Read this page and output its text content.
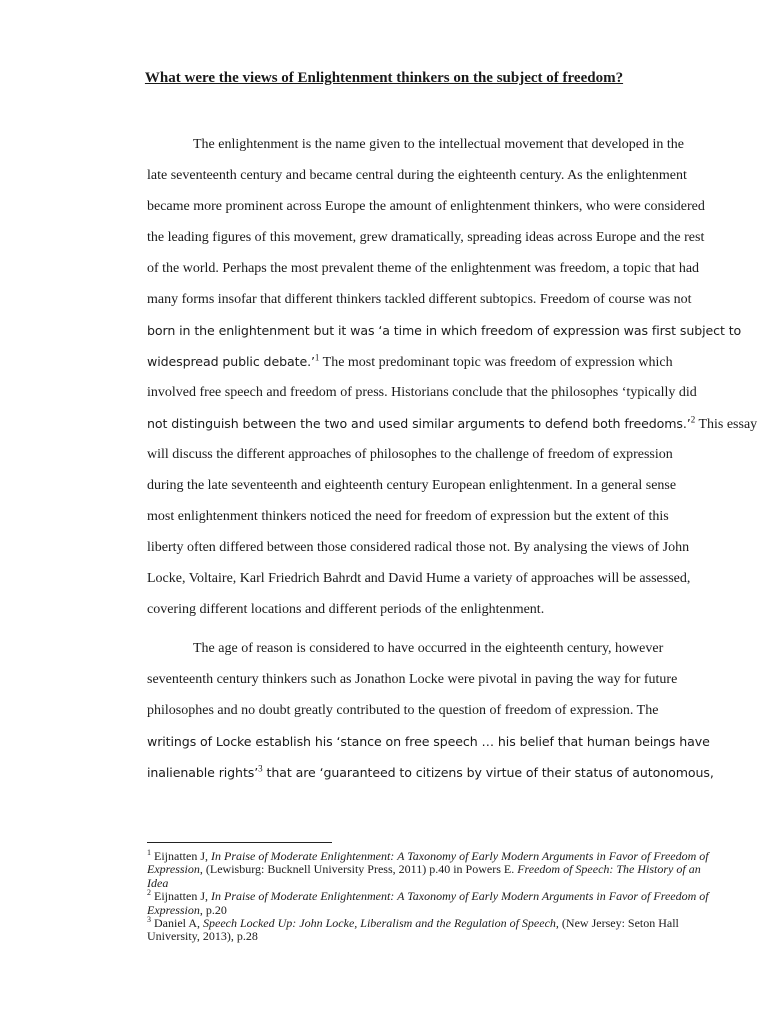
What were the views of Enlightenment thinkers on the subject of freedom?
The enlightenment is the name given to the intellectual movement that developed in the
late seventeenth century and became central during the eighteenth century. As the enlightenment
became more prominent across Europe the amount of enlightenment thinkers, who were considered
the leading figures of this movement, grew dramatically, spreading ideas across Europe and the rest
of the world. Perhaps the most prevalent theme of the enlightenment was freedom, a topic that had
many forms insofar that different thinkers tackled different subtopics. Freedom of course was not
born in the enlightenment but it was ‘a time in which freedom of expression was first subject to
widespread public debate.’$^1$ The most predominant topic was freedom of expression which
involved free speech and freedom of press. Historians conclude that the philosophes ‘typically did
not distinguish between the two and used similar arguments to defend both freedoms.’$^2$ This essay
will discuss the different approaches of philosophes to the challenge of freedom of expression
during the late seventeenth and eighteenth century European enlightenment. In a general sense
most enlightenment thinkers noticed the need for freedom of expression but the extent of this
liberty often differed between those considered radical those not. By analysing the views of John
Locke, Voltaire, Karl Friedrich Bahrdt and David Hume a variety of approaches will be assessed,
covering different locations and different periods of the enlightenment.
The age of reason is considered to have occurred in the eighteenth century, however
seventeenth century thinkers such as Jonathon Locke were pivotal in paving the way for future
philosophes and no doubt greatly contributed to the question of freedom of expression. The
writings of Locke establish his ‘stance on free speech … his belief that human beings have
inalienable rights’$^3$ that are ‘guaranteed to citizens by virtue of their status of autonomous,

$^1$ Eijnatten J, In Praise of Moderate Enlightenment: A Taxonomy of Early Modern Arguments in Favor of Freedom of Expression, (Lewisburg: Bucknell University Press, 2011) p.40 in Powers E. Freedom of Speech: The History of an Idea

$^2$ Eijnatten J, In Praise of Moderate Enlightenment: A Taxonomy of Early Modern Arguments in Favor of Freedom of Expression, p.20

$^3$ Daniel A, Speech Locked Up: John Locke, Liberalism and the Regulation of Speech, (New Jersey: Seton Hall University, 2013), p.28
